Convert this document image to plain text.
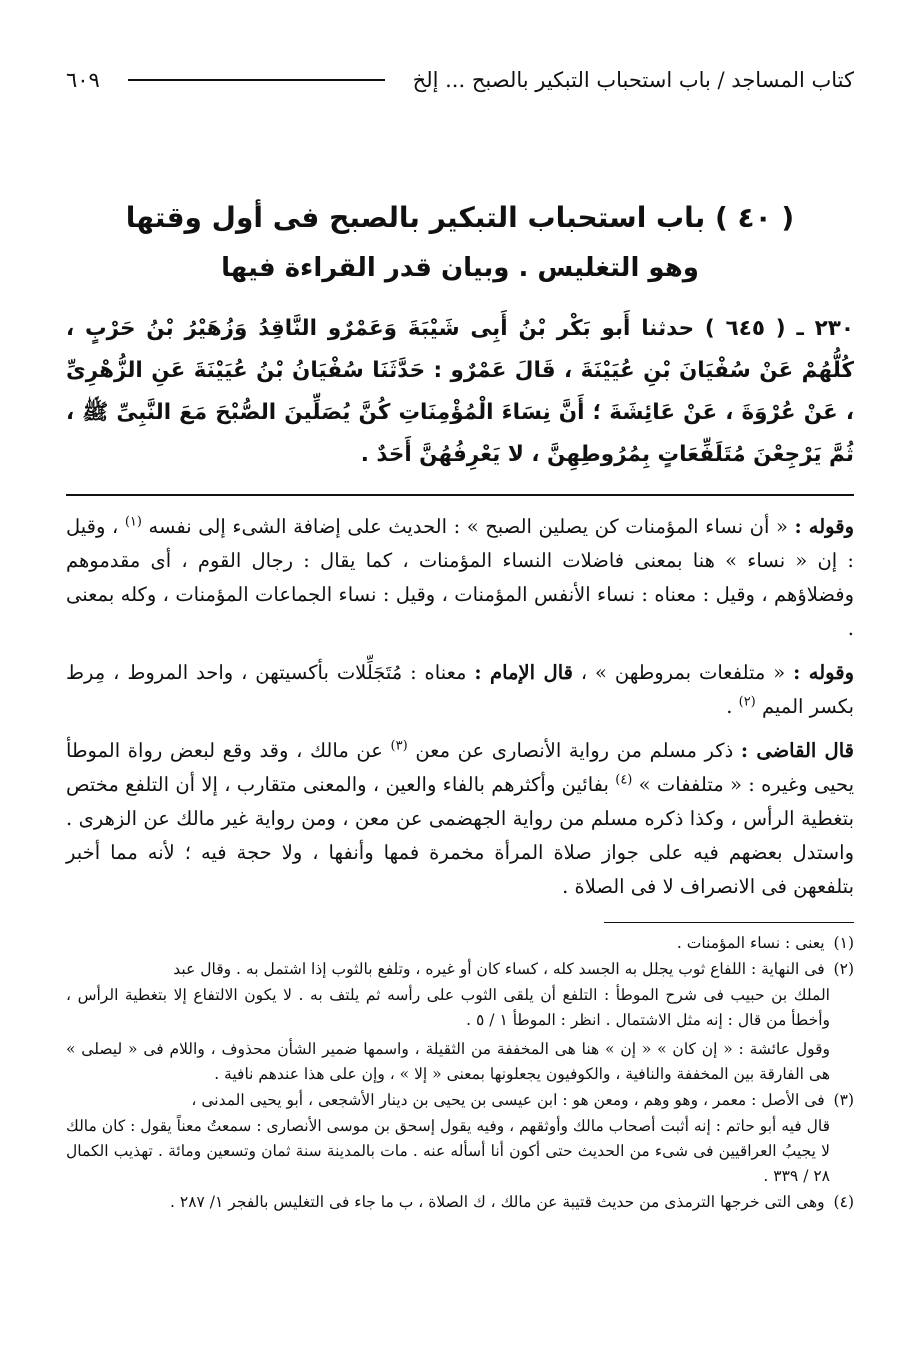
كتاب المساجد / باب استحباب التبكير بالصبح ... إلخ
٦٠٩
( ٤٠ ) باب استحباب التبكير بالصبح فى أول وقتها
وهو التغليس . وبيان قدر القراءة فيها
٢٣٠ ـ ( ٦٤٥ ) حدثنا أَبو بَكْر بْنُ أَبِى شَيْبَةَ وَعَمْرٌو النَّاقِدُ وَزُهَيْرُ بْنُ حَرْبٍ ، كُلُّهُمْ عَنْ سُفْيَانَ بْنِ عُيَيْنَةَ ، قَالَ عَمْرٌو : حَدَّثَنَا سُفْيَانُ بْنُ عُيَيْنَةَ عَنِ الزُّهْرِىِّ ، عَنْ عُرْوَةَ ، عَنْ عَائِشَةَ ؛ أَنَّ نِسَاءَ الْمُؤْمِنَاتِ كُنَّ يُصَلِّينَ الصُّبْحَ مَعَ النَّبِىِّ ﷺ ، ثُمَّ يَرْجِعْنَ مُتَلَفِّعَاتٍ بِمُرُوطِهِنَّ ، لا يَعْرِفُهُنَّ أَحَدٌ .

وقوله : « أن نساء المؤمنات كن يصلين الصبح » : الحديث على إضافة الشىء إلى نفسه $^{(١)}$ ، وقيل : إن « نساء » هنا بمعنى فاضلات النساء المؤمنات ، كما يقال : رجال القوم ، أى مقدموهم وفضلاؤهم ، وقيل : معناه : نساء الأنفس المؤمنات ، وقيل : نساء الجماعات المؤمنات ، وكله بمعنى .

وقوله : « متلفعات بمروطهن » ، قال الإمام : معناه : مُتَجَلِّلات بأكسيتهن ، واحد المروط ، مِرط بكسر الميم $^{(٢)}$ .

قال القاضى : ذكر مسلم من رواية الأنصارى عن معن $^{(٣)}$ عن مالك ، وقد وقع لبعض رواة الموطأ يحيى وغيره : « متلففات » $^{(٤)}$ بفائين وأكثرهم بالفاء والعين ، والمعنى متقارب ، إلا أن التلفع مختص بتغطية الرأس ، وكذا ذكره مسلم من رواية الجهضمى عن معن ، ومن رواية غير مالك عن الزهرى . واستدل بعضهم فيه على جواز صلاة المرأة مخمرة فمها وأنفها ، ولا حجة فيه ؛ لأنه مما أخبر بتلفعهن فى الانصراف لا فى الصلاة .

(١) يعنى : نساء المؤمنات .
(٢) فى النهاية : اللفاع ثوب يجلل به الجسد كله ، كساء كان أو غيره ، وتلفع بالثوب إذا اشتمل به . وقال عبد
الملك بن حبيب فى شرح الموطأ : التلفع أن يلقى الثوب على رأسه ثم يلتف به . لا يكون الالتفاع إلا بتغطية الرأس ، وأخطأ من قال : إنه مثل الاشتمال . انظر : الموطأ ١ / ٥ .
وقول عائشة : « إن كان » « إن » هنا هى المخففة من الثقيلة ، واسمها ضمير الشأن محذوف ، واللام فى « ليصلى » هى الفارقة بين المخففة والنافية ، والكوفيون يجعلونها بمعنى « إلا » ، وإن على هذا عندهم نافية .
(٣) فى الأصل : معمر ، وهو وهم ، ومعن هو : ابن عيسى بن يحيى بن دينار الأشجعى ، أبو يحيى المدنى ،
قال فيه أبو حاتم : إنه أثبت أصحاب مالك وأوثقهم ، وفيه يقول إسحق بن موسى الأنصارى : سمعتُ معناً يقول : كان مالك لا يجيبُ العراقيين فى شىء من الحديث حتى أكون أنا أسأله عنه . مات بالمدينة سنة ثمان وتسعين ومائة . تهذيب الكمال ٢٨ / ٣٣٩ .
(٤) وهى التى خرجها الترمذى من حديث قتيبة عن مالك ، ك الصلاة ، ب ما جاء فى التغليس بالفجر ١/ ٢٨٧ .
